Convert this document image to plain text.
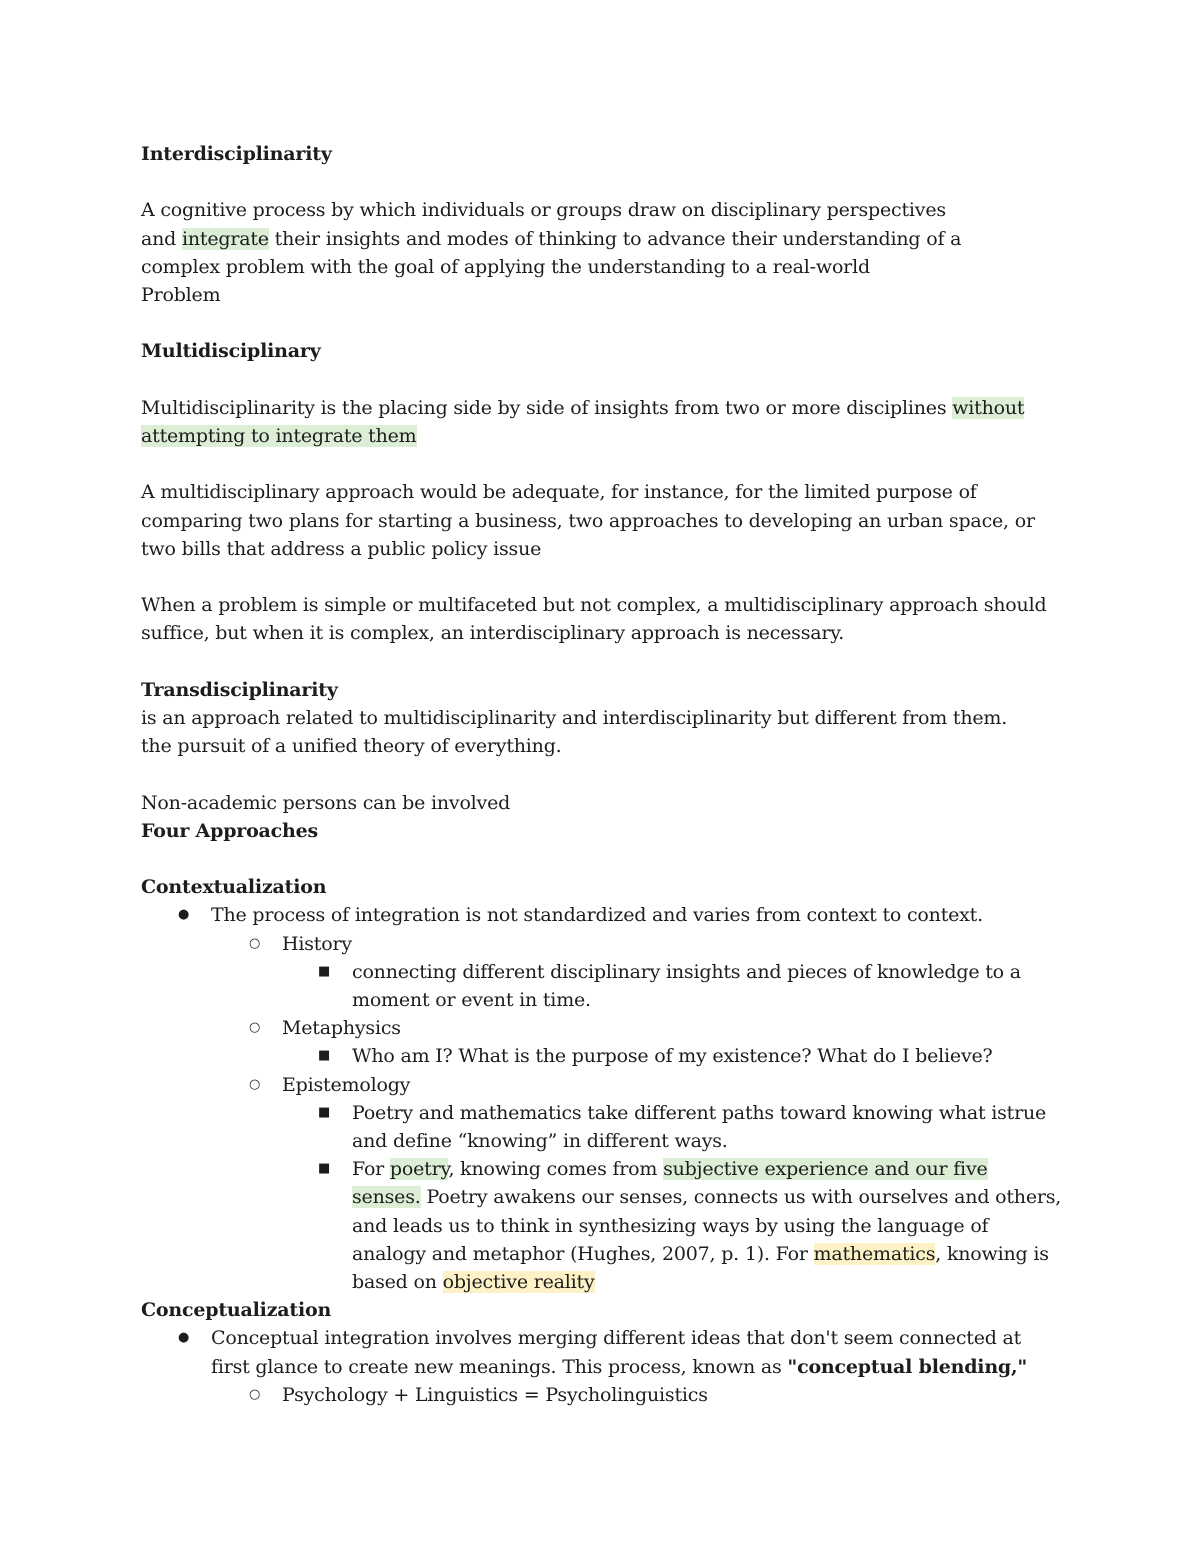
Interdisciplinarity

A cognitive process by which individuals or groups draw on disciplinary perspectives
and integrate their insights and modes of thinking to advance their understanding of a
complex problem with the goal of applying the understanding to a real-world
Problem

Multidisciplinary

Multidisciplinarity is the placing side by side of insights from two or more disciplines without
attempting to integrate them

A multidisciplinary approach would be adequate, for instance, for the limited purpose of
comparing two plans for starting a business, two approaches to developing an urban space, or
two bills that address a public policy issue

When a problem is simple or multifaceted but not complex, a multidisciplinary approach should
suffice, but when it is complex, an interdisciplinary approach is necessary.

Transdisciplinarity

is an approach related to multidisciplinarity and interdisciplinarity but different from them.
the pursuit of a unified theory of everything.

Non-academic persons can be involved

Four Approaches
Contextualization
●
The process of integration is not standardized and varies from context to context.
○
History
■
connecting different disciplinary insights and pieces of knowledge to a
moment or event in time.
○
Metaphysics
■
Who am I? What is the purpose of my existence? What do I believe?
○
Epistemology
■
Poetry and mathematics take different paths toward knowing what istrue
and define “knowing” in different ways.
■
For poetry, knowing comes from subjective experience and our five
senses. Poetry awakens our senses, connects us with ourselves and others,
and leads us to think in synthesizing ways by using the language of
analogy and metaphor (Hughes, 2007, p. 1). For mathematics, knowing is
based on objective reality
Conceptualization
●
Conceptual integration involves merging different ideas that don't seem connected at
first glance to create new meanings. This process, known as "conceptual blending,"
○
Psychology + Linguistics = Psycholinguistics
